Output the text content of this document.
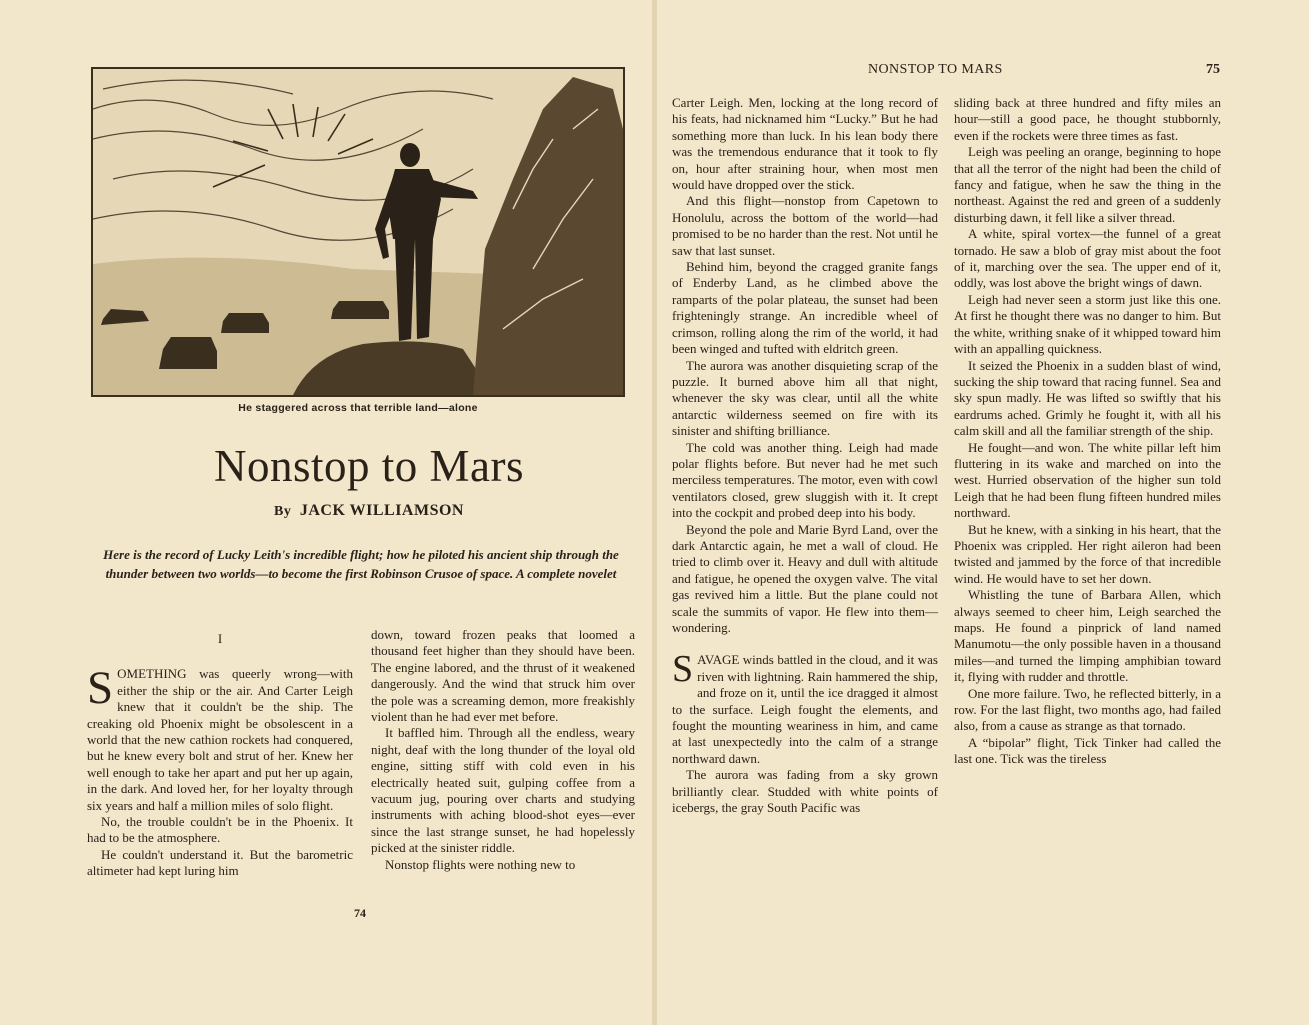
He staggered across that terrible land—alone
Nonstop to Mars
By JACK WILLIAMSON
Here is the record of Lucky Leith's incredible flight; how he piloted his ancient ship through the thunder between two worlds—to become the first Robinson Crusoe of space. A complete novelet
I

SOMETHING was queerly wrong—with either the ship or the air. And Carter Leigh knew that it couldn't be the ship. The creaking old Phoenix might be obsolescent in a world that the new cathion rockets had conquered, but he knew every bolt and strut of her. Knew her well enough to take her apart and put her up again, in the dark. And loved her, for her loyalty through six years and half a million miles of solo flight.

No, the trouble couldn't be in the Phoenix. It had to be the atmosphere.

He couldn't understand it. But the barometric altimeter had kept luring him

down, toward frozen peaks that loomed a thousand feet higher than they should have been. The engine labored, and the thrust of it weakened dangerously. And the wind that struck him over the pole was a screaming demon, more freakishly violent than he had ever met before.

It baffled him. Through all the endless, weary night, deaf with the long thunder of the loyal old engine, sitting stiff with cold even in his electrically heated suit, gulping coffee from a vacuum jug, pouring over charts and studying instruments with aching blood-shot eyes—ever since the last strange sunset, he had hopelessly picked at the sinister riddle.

Nonstop flights were nothing new to

74
NONSTOP TO MARS	75

Carter Leigh. Men, locking at the long record of his feats, had nicknamed him “Lucky.” But he had something more than luck. In his lean body there was the tremendous endurance that it took to fly on, hour after straining hour, when most men would have dropped over the stick.

And this flight—nonstop from Capetown to Honolulu, across the bottom of the world—had promised to be no harder than the rest. Not until he saw that last sunset.

Behind him, beyond the cragged granite fangs of Enderby Land, as he climbed above the ramparts of the polar plateau, the sunset had been frighteningly strange. An incredible wheel of crimson, rolling along the rim of the world, it had been winged and tufted with eldritch green.

The aurora was another disquieting scrap of the puzzle. It burned above him all that night, whenever the sky was clear, until all the white antarctic wilderness seemed on fire with its sinister and shifting brilliance.

The cold was another thing. Leigh had made polar flights before. But never had he met such merciless temperatures. The motor, even with cowl ventilators closed, grew sluggish with it. It crept into the cockpit and probed deep into his body.

Beyond the pole and Marie Byrd Land, over the dark Antarctic again, he met a wall of cloud. He tried to climb over it. Heavy and dull with altitude and fatigue, he opened the oxygen valve. The vital gas revived him a little. But the plane could not scale the summits of vapor. He flew into them—wondering.

SAVAGE winds battled in the cloud, and it was riven with lightning. Rain hammered the ship, and froze on it, until the ice dragged it almost to the surface. Leigh fought the elements, and fought the mounting weariness in him, and came at last unexpectedly into the calm of a strange northward dawn.

The aurora was fading from a sky grown brilliantly clear. Studded with white points of icebergs, the gray South Pacific was

sliding back at three hundred and fifty miles an hour—still a good pace, he thought stubbornly, even if the rockets were three times as fast.

Leigh was peeling an orange, beginning to hope that all the terror of the night had been the child of fancy and fatigue, when he saw the thing in the northeast. Against the red and green of a suddenly disturbing dawn, it fell like a silver thread.

A white, spiral vortex—the funnel of a great tornado. He saw a blob of gray mist about the foot of it, marching over the sea. The upper end of it, oddly, was lost above the bright wings of dawn.

Leigh had never seen a storm just like this one. At first he thought there was no danger to him. But the white, writhing snake of it whipped toward him with an appalling quickness.

It seized the Phoenix in a sudden blast of wind, sucking the ship toward that racing funnel. Sea and sky spun madly. He was lifted so swiftly that his eardrums ached. Grimly he fought it, with all his calm skill and all the familiar strength of the ship.

He fought—and won. The white pillar left him fluttering in its wake and marched on into the west. Hurried observation of the higher sun told Leigh that he had been flung fifteen hundred miles northward.

But he knew, with a sinking in his heart, that the Phoenix was crippled. Her right aileron had been twisted and jammed by the force of that incredible wind. He would have to set her down.

Whistling the tune of Barbara Allen, which always seemed to cheer him, Leigh searched the maps. He found a pinprick of land named Manumotu—the only possible haven in a thousand miles—and turned the limping amphibian toward it, flying with rudder and throttle.

One more failure. Two, he reflected bitterly, in a row. For the last flight, two months ago, had failed also, from a cause as strange as that tornado.

A “bipolar” flight, Tick Tinker had called the last one. Tick was the tireless
